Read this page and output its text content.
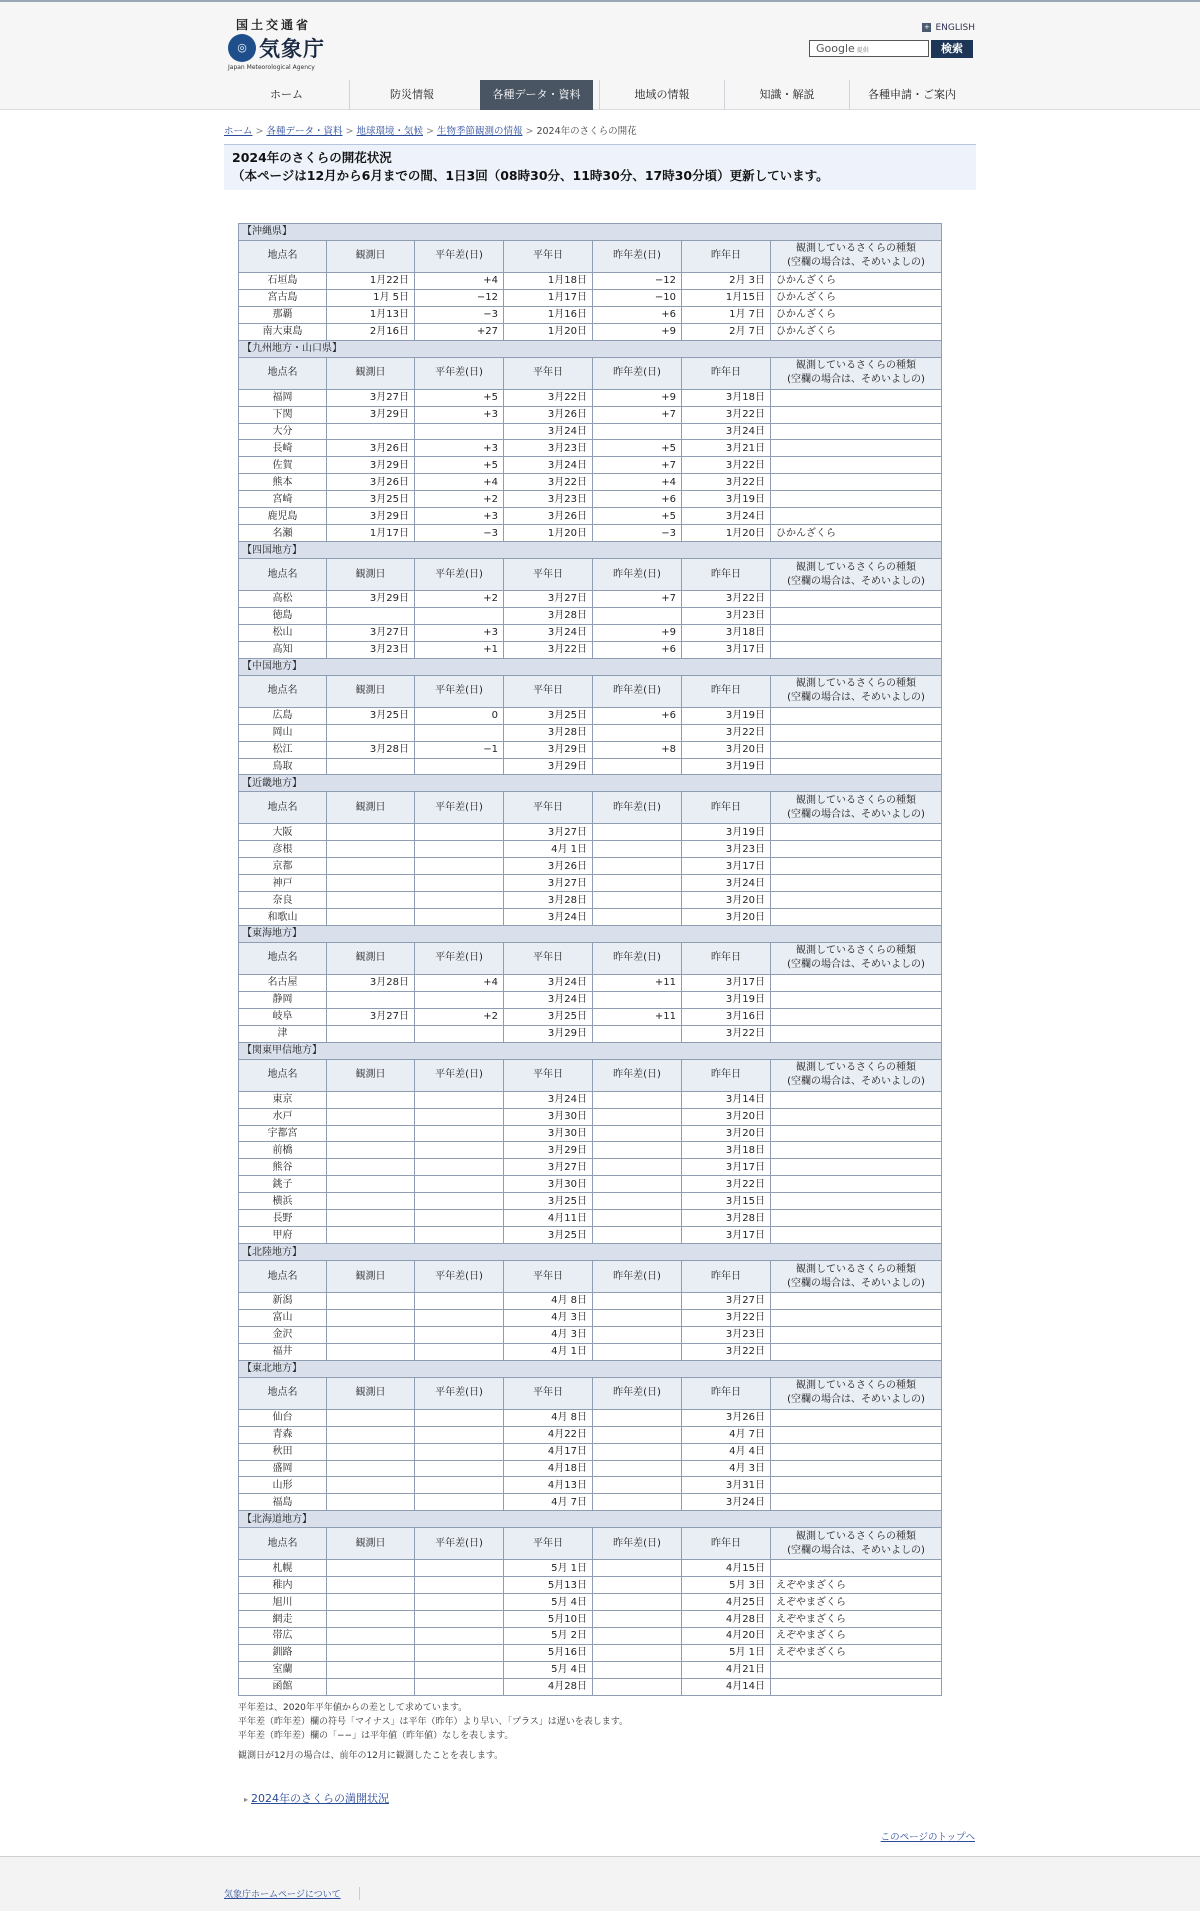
国土交通省
◎ 気象庁
Japan Meteorological Agency
+ ENGLISH
Google 提供	検索
ホーム	防災情報	各種データ・資料	地域の情報	知識・解説	各種申請・ご案内
ホーム > 各種データ・資料 > 地球環境・気候 > 生物季節観測の情報 > 2024年のさくらの開花
2024年のさくらの開花状況
（本ページは12月から6月までの間、1日3回（08時30分、11時30分、17時30分頃）更新しています。
【沖縄県】						
地点名	観測日	平年差(日)	平年日	昨年差(日)	昨年日	観測しているさくらの種類
(空欄の場合は、そめいよしの)

石垣島	1月22日	+4	1月18日	−12	2月 3日	ひかんざくら
宮古島	1月 5日	−12	1月17日	−10	1月15日	ひかんざくら
那覇	1月13日	−3	1月16日	+6	1月 7日	ひかんざくら
南大東島	2月16日	+27	1月20日	+9	2月 7日	ひかんざくら
【九州地方・山口県】						
地点名	観測日	平年差(日)	平年日	昨年差(日)	昨年日	観測しているさくらの種類
(空欄の場合は、そめいよしの)

福岡	3月27日	+5	3月22日	+9	3月18日	
下関	3月29日	+3	3月26日	+7	3月22日	
大分			3月24日		3月24日	
長崎	3月26日	+3	3月23日	+5	3月21日	
佐賀	3月29日	+5	3月24日	+7	3月22日	
熊本	3月26日	+4	3月22日	+4	3月22日	
宮崎	3月25日	+2	3月23日	+6	3月19日	
鹿児島	3月29日	+3	3月26日	+5	3月24日	
名瀬	1月17日	−3	1月20日	−3	1月20日	ひかんざくら
【四国地方】						
地点名	観測日	平年差(日)	平年日	昨年差(日)	昨年日	観測しているさくらの種類
(空欄の場合は、そめいよしの)

高松	3月29日	+2	3月27日	+7	3月22日	
徳島			3月28日		3月23日	
松山	3月27日	+3	3月24日	+9	3月18日	
高知	3月23日	+1	3月22日	+6	3月17日	
【中国地方】						
地点名	観測日	平年差(日)	平年日	昨年差(日)	昨年日	観測しているさくらの種類
(空欄の場合は、そめいよしの)

広島	3月25日	0	3月25日	+6	3月19日	
岡山			3月28日		3月22日	
松江	3月28日	−1	3月29日	+8	3月20日	
鳥取			3月29日		3月19日	
【近畿地方】						
地点名	観測日	平年差(日)	平年日	昨年差(日)	昨年日	観測しているさくらの種類
(空欄の場合は、そめいよしの)

大阪			3月27日		3月19日	
彦根			4月 1日		3月23日	
京都			3月26日		3月17日	
神戸			3月27日		3月24日	
奈良			3月28日		3月20日	
和歌山			3月24日		3月20日	
【東海地方】						
地点名	観測日	平年差(日)	平年日	昨年差(日)	昨年日	観測しているさくらの種類
(空欄の場合は、そめいよしの)

名古屋	3月28日	+4	3月24日	+11	3月17日	
静岡			3月24日		3月19日	
岐阜	3月27日	+2	3月25日	+11	3月16日	
津			3月29日		3月22日	
【関東甲信地方】						
地点名	観測日	平年差(日)	平年日	昨年差(日)	昨年日	観測しているさくらの種類
(空欄の場合は、そめいよしの)

東京			3月24日		3月14日	
水戸			3月30日		3月20日	
宇都宮			3月30日		3月20日	
前橋			3月29日		3月18日	
熊谷			3月27日		3月17日	
銚子			3月30日		3月22日	
横浜			3月25日		3月15日	
長野			4月11日		3月28日	
甲府			3月25日		3月17日	
【北陸地方】						
地点名	観測日	平年差(日)	平年日	昨年差(日)	昨年日	観測しているさくらの種類
(空欄の場合は、そめいよしの)

新潟			4月 8日		3月27日	
富山			4月 3日		3月22日	
金沢			4月 3日		3月23日	
福井			4月 1日		3月22日	
【東北地方】						
地点名	観測日	平年差(日)	平年日	昨年差(日)	昨年日	観測しているさくらの種類
(空欄の場合は、そめいよしの)

仙台			4月 8日		3月26日	
青森			4月22日		4月 7日	
秋田			4月17日		4月 4日	
盛岡			4月18日		4月 3日	
山形			4月13日		3月31日	
福島			4月 7日		3月24日	
【北海道地方】						
地点名	観測日	平年差(日)	平年日	昨年差(日)	昨年日	観測しているさくらの種類
(空欄の場合は、そめいよしの)

札幌			5月 1日		4月15日	
稚内			5月13日		5月 3日	えぞやまざくら
旭川			5月 4日		4月25日	えぞやまざくら
網走			5月10日		4月28日	えぞやまざくら
帯広			5月 2日		4月20日	えぞやまざくら
釧路			5月16日		5月 1日	えぞやまざくら
室蘭			5月 4日		4月21日	
函館			4月28日		4月14日	
平年差は、2020年平年値からの差として求めています。
平年差（昨年差）欄の符号「マイナス」は平年（昨年）より早い、「プラス」は遅いを表します。
平年差（昨年差）欄の「−−」は平年値（昨年値）なしを表します。
観測日が12月の場合は、前年の12月に観測したことを表します。
▸ 2024年のさくらの満開状況
このページのトップへ
気象庁ホームページについて
